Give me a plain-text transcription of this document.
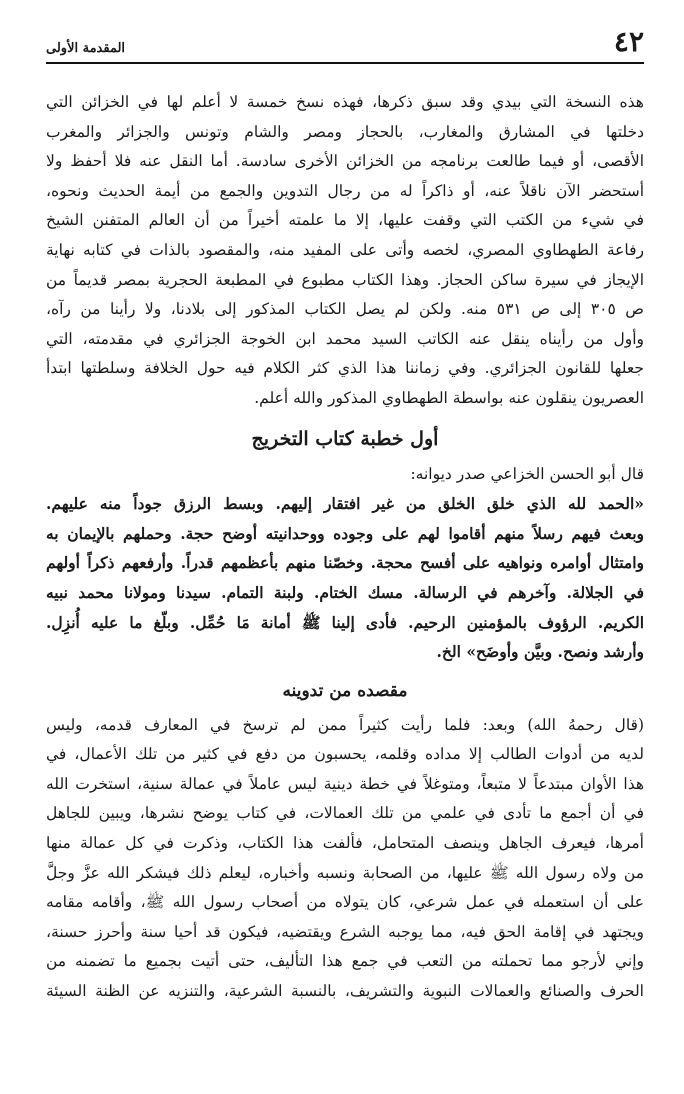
٤٢
المقدمة الأولى

هذه النسخة التي بيدي وقد سبق ذكرها، فهذه نسخ خمسة لا أعلم لها في الخزائن التي
دخلتها في المشارق والمغارب، بالحجاز ومصر والشام وتونس والجزائر والمغرب
الأقصى، أو فيما طالعت برنامجه من الخزائن الأخرى سادسة. أما النقل عنه فلا أحفظ ولا
أستحضر الآن ناقلاً عنه، أو ذاكراً له من رجال التدوين والجمع من أيمة الحديث ونحوه،
في شيء من الكتب التي وقفت عليها، إلا ما علمته أخيراً من أن العالم المتفنن الشيخ
رفاعة الطهطاوي المصري، لخصه وأتى على المفيد منه، والمقصود بالذات في كتابه نهاية
الإيجاز في سيرة ساكن الحجاز. وهذا الكتاب مطبوع في المطبعة الحجرية بمصر قديماً من
ص ٣٠٥ إلى ص ٥٣١ منه. ولكن لم يصل الكتاب المذكور إلى بلادنا، ولا رأينا من رآه،
وأول من رأيناه ينقل عنه الكاتب السيد محمد ابن الخوجة الجزائري في مقدمته، التي
جعلها للقانون الجزائري. وفي زماننا هذا الذي كثر الكلام فيه حول الخلافة وسلطتها ابتدأ
العصريون ينقلون عنه بواسطة الطهطاوي المذكور والله أعلم.

أول خطبة كتاب التخريج

قال أبو الحسن الخزاعي صدر ديوانه:

«الحمد لله الذي خلق الخلق من غير افتقار إليهم. وبسط الرزق جوداً منه عليهم.
وبعث فيهم رسلاً منهم أقاموا لهم على وجوده ووحدانيته أوضح حجة. وحملهم بالإيمان به
وامتثال أوامره ونواهيه على أفسح محجة. وخصّنا منهم بأعظمهم قدراً. وأرفعهم ذكراً أولهم
في الجلالة. وآخرهم في الرسالة. مسك الختام. ولبنة التمام. سيدنا ومولانا محمد نبيه
الكريم. الرؤوف بالمؤمنين الرحيم. فأدى إلينا ﷺ أمانة مَا حُمِّل. وبلّغ ما عليه أُنزِل.
وأرشد ونصح. وبيَّن وأوضَح» الخ.

مقصده من تدوينه

(قال رحمهُ الله) وبعد: فلما رأيت كثيراً ممن لم ترسخ في المعارف قدمه، وليس
لديه من أدوات الطالب إلا مداده وقلمه، يحسبون من دفع في كثير من تلك الأعمال، في
هذا الأوان مبتدعاً لا متبعاً، ومتوغلاً في خطة دينية ليس عاملاً في عمالة سنية، استخرت الله
في أن أجمع ما تأدى في علمي من تلك العمالات، في كتاب يوضح نشرها، ويبين للجاهل
أمرها، فيعرف الجاهل وينصف المتحامل، فألفت هذا الكتاب، وذكرت في كل عمالة منها
من ولاه رسول الله ﷺ عليها، من الصحابة ونسبه وأخباره، ليعلم ذلك فيشكر الله عزَّ وجلَّ
على أن استعمله في عمل شرعي، كان يتولاه من أصحاب رسول الله ﷺ، وأقامه مقامه
ويجتهد في إقامة الحق فيه، مما يوجبه الشرع ويقتضيه، فيكون قد أحيا سنة وأحرز حسنة،
وإني لأرجو مما تحملته من التعب في جمع هذا التأليف، حتى أتيت بجميع ما تضمنه من
الحرف والصنائع والعمالات النبوية والتشريف، بالنسبة الشرعية، والتنزيه عن الظنة السيئة
